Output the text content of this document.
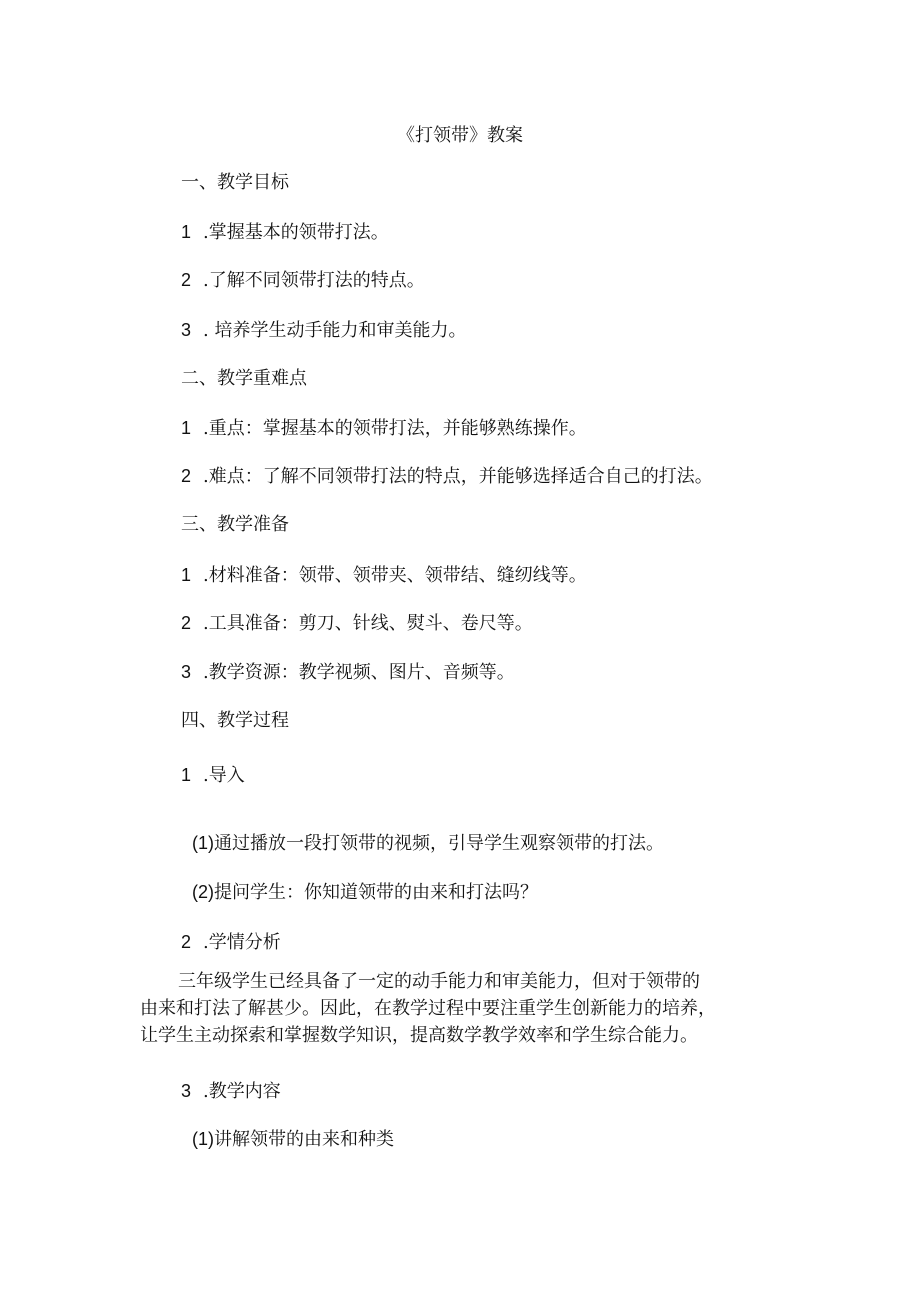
《打领带》教案
一、教学目标
1 .掌握基本的领带打法。
2 .了解不同领带打法的特点。
3 . 培养学生动手能力和审美能力。
二、教学重难点
1 .重点：掌握基本的领带打法，并能够熟练操作。
2 .难点：了解不同领带打法的特点，并能够选择适合自己的打法。
三、教学准备
1 .材料准备：领带、领带夹、领带结、缝纫线等。
2 .工具准备：剪刀、针线、熨斗、卷尺等。
3 .教学资源：教学视频、图片、音频等。
四、教学过程
1 .导入
(1)通过播放一段打领带的视频，引导学生观察领带的打法。
(2)提问学生：你知道领带的由来和打法吗？
2 .学情分析
三年级学生已经具备了一定的动手能力和审美能力，但对于领带的
由来和打法了解甚少。因此，在教学过程中要注重学生创新能力的培养，
让学生主动探索和掌握数学知识，提高数学教学效率和学生综合能力。
3 .教学内容
(1)讲解领带的由来和种类
